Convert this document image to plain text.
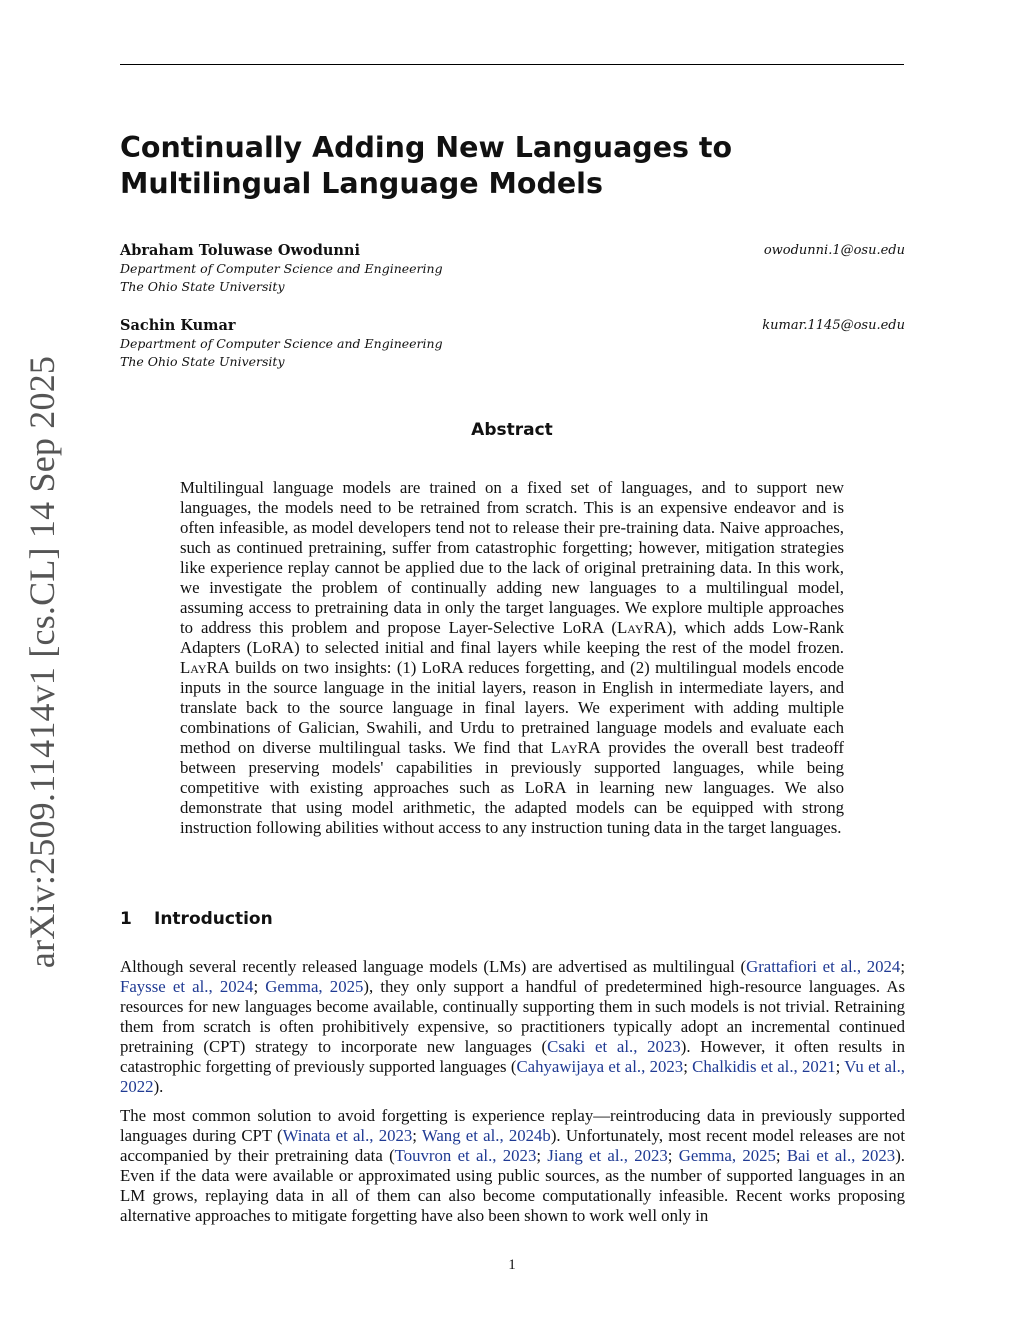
arXiv:2509.11414v1 [cs.CL] 14 Sep 2025
Continually Adding New Languages to Multilingual Language Models
Abraham Toluwase Owodunni	owodunni.1@osu.edu
Department of Computer Science and Engineering
The Ohio State University
Sachin Kumar	kumar.1145@osu.edu
Department of Computer Science and Engineering
The Ohio State University
Abstract

Multilingual language models are trained on a fixed set of languages, and to support new languages, the models need to be retrained from scratch. This is an expensive endeavor and is often infeasible, as model developers tend not to release their pre-training data. Naive approaches, such as continued pretraining, suffer from catastrophic forgetting; however, mitigation strategies like experience replay cannot be applied due to the lack of original pretraining data. In this work, we investigate the problem of continually adding new languages to a multilingual model, assuming access to pretraining data in only the target languages. We explore multiple approaches to address this problem and propose Layer-Selective LoRA (LayRA), which adds Low-Rank Adapters (LoRA) to selected initial and final layers while keeping the rest of the model frozen. LayRA builds on two insights: (1) LoRA reduces forgetting, and (2) multilingual models encode inputs in the source language in the initial layers, reason in English in intermediate layers, and translate back to the source language in final layers. We experiment with adding multiple combinations of Galician, Swahili, and Urdu to pretrained language models and evaluate each method on diverse multilingual tasks. We find that LayRA provides the overall best tradeoff between preserving models' capabilities in previously supported languages, while being competitive with existing approaches such as LoRA in learning new languages. We also demonstrate that using model arithmetic, the adapted models can be equipped with strong instruction following abilities without access to any instruction tuning data in the target languages.

1 Introduction

Although several recently released language models (LMs) are advertised as multilingual (Grattafiori et al., 2024; Faysse et al., 2024; Gemma, 2025), they only support a handful of predetermined high-resource languages. As resources for new languages become available, continually supporting them in such models is not trivial. Retraining them from scratch is often prohibitively expensive, so practitioners typically adopt an incremental continued pretraining (CPT) strategy to incorporate new languages (Csaki et al., 2023). However, it often results in catastrophic forgetting of previously supported languages (Cahyawijaya et al., 2023; Chalkidis et al., 2021; Vu et al., 2022).

The most common solution to avoid forgetting is experience replay—reintroducing data in previously supported languages during CPT (Winata et al., 2023; Wang et al., 2024b). Unfortunately, most recent model releases are not accompanied by their pretraining data (Touvron et al., 2023; Jiang et al., 2023; Gemma, 2025; Bai et al., 2023). Even if the data were available or approximated using public sources, as the number of supported languages in an LM grows, replaying data in all of them can also become computationally infeasible. Recent works proposing alternative approaches to mitigate forgetting have also been shown to work well only in

1
